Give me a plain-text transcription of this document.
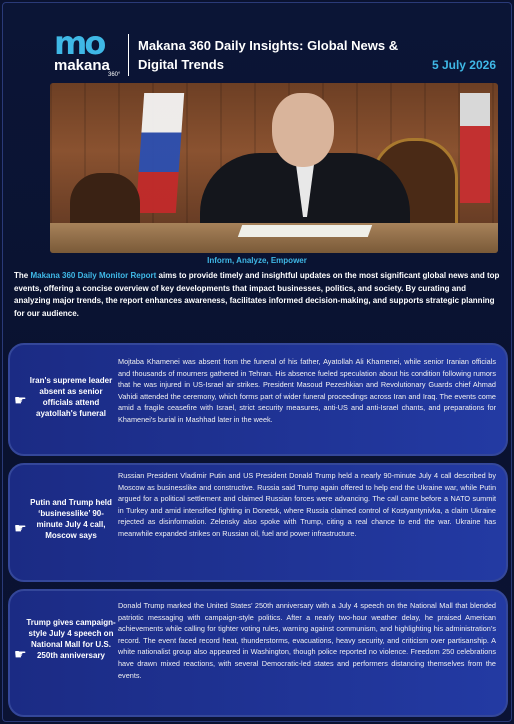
mo
makana
360°
Makana 360 Daily Insights: Global News & Digital Trends	5 July 2026
Inform, Analyze, Empower
The Makana 360 Daily Monitor Report aims to provide timely and insightful updates on the most significant global news and top events, offering a concise overview of key developments that impact businesses, politics, and society. By curating and analyzing major trends, the report enhances awareness, facilitates informed decision-making, and supports strategic planning for our audience.
☛
Iran's supreme leader absent as senior officials attend ayatollah's funeral
Mojtaba Khamenei was absent from the funeral of his father, Ayatollah Ali Khamenei, while senior Iranian officials and thousands of mourners gathered in Tehran. His absence fueled speculation about his condition following rumors that he was injured in US-Israel air strikes. President Masoud Pezeshkian and Revolutionary Guards chief Ahmad Vahidi attended the ceremony, which forms part of wider funeral proceedings across Iran and Iraq. The events come amid a fragile ceasefire with Israel, strict security measures, anti-US and anti-Israel chants, and preparations for Khamenei's burial in Mashhad later in the week.
☛
Putin and Trump held ‘businesslike’ 90-minute July 4 call, Moscow says
Russian President Vladimir Putin and US President Donald Trump held a nearly 90-minute July 4 call described by Moscow as businesslike and constructive. Russia said Trump again offered to help end the Ukraine war, while Putin argued for a political settlement and claimed Russian forces were advancing. The call came before a NATO summit in Turkey and amid intensified fighting in Donetsk, where Russia claimed control of Kostyantynivka, a claim Ukraine rejected as disinformation. Zelensky also spoke with Trump, citing a real chance to end the war. Ukraine has meanwhile expanded strikes on Russian oil, fuel and power infrastructure.
☛
Trump gives campaign-style July 4 speech on National Mall for U.S. 250th anniversary
Donald Trump marked the United States’ 250th anniversary with a July 4 speech on the National Mall that blended patriotic messaging with campaign-style politics. After a nearly two-hour weather delay, he praised American achievements while calling for tighter voting rules, warning against communism, and highlighting his administration’s record. The event faced record heat, thunderstorms, evacuations, heavy security, and criticism over partisanship. A white nationalist group also appeared in Washington, though police reported no violence. Freedom 250 celebrations have drawn mixed reactions, with several Democratic-led states and performers distancing themselves from the events.
